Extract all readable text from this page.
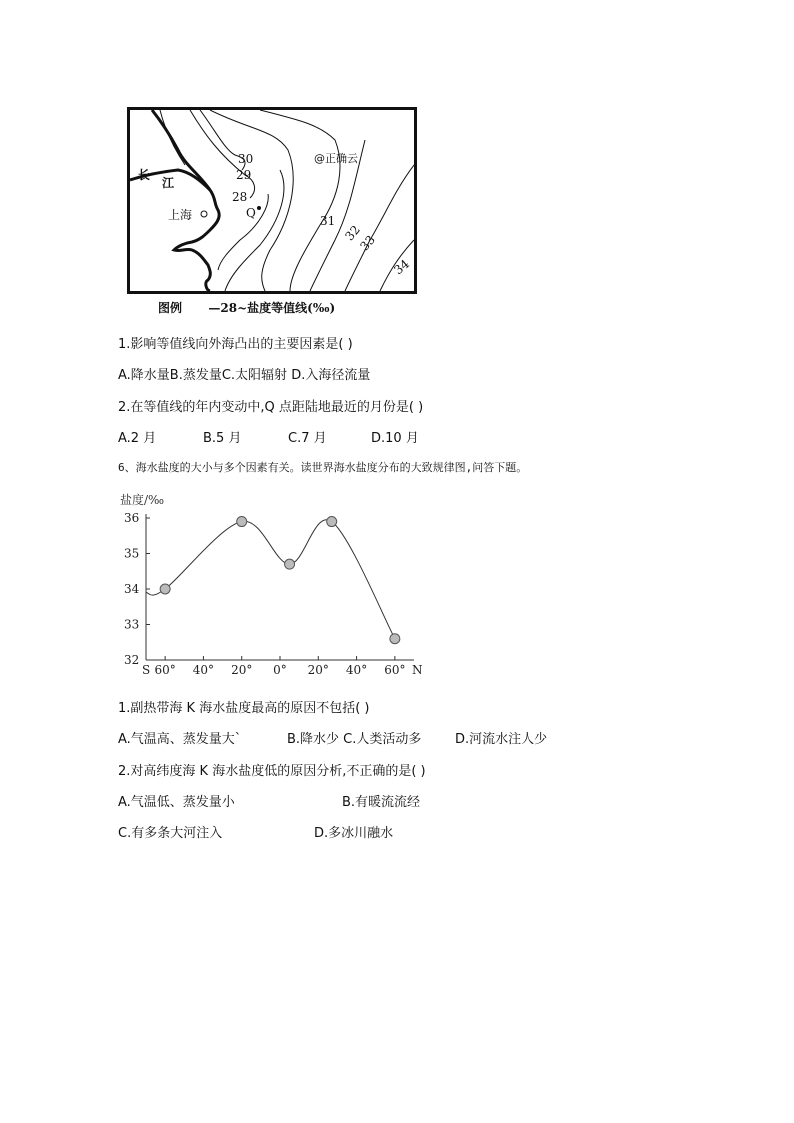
30
29
28
31
32
33
34
长
江
上海	Q
@正确云
图例 —28~盐度等值线(‰)
1.影响等值线向外海凸出的主要因素是( )
A.降水量B.蒸发量C.太阳辐射 D.入海径流量
2.在等值线的年内变动中,Q 点距陆地最近的月份是( )
A.2 月	B.5 月	C.7 月	D.10 月
6、海水盐度的大小与多个因素有关。读世界海水盐度分布的大致规律图,问答下题。
盐度/‰
36
35
34
33
32
S 60° 40° 20° 0° 20° 40° 60° N
1.副热带海 K 海水盐度最高的原因不包括( )
A.气温高、蒸发量大`	B.降水少 C.人类活动多	D.河流水注人少
2.对高纬度海 K 海水盐度低的原因分析,不正确的是( )
A.气温低、蒸发量小	B.有暖流流经
C.有多条大河注入	D.多冰川融水
